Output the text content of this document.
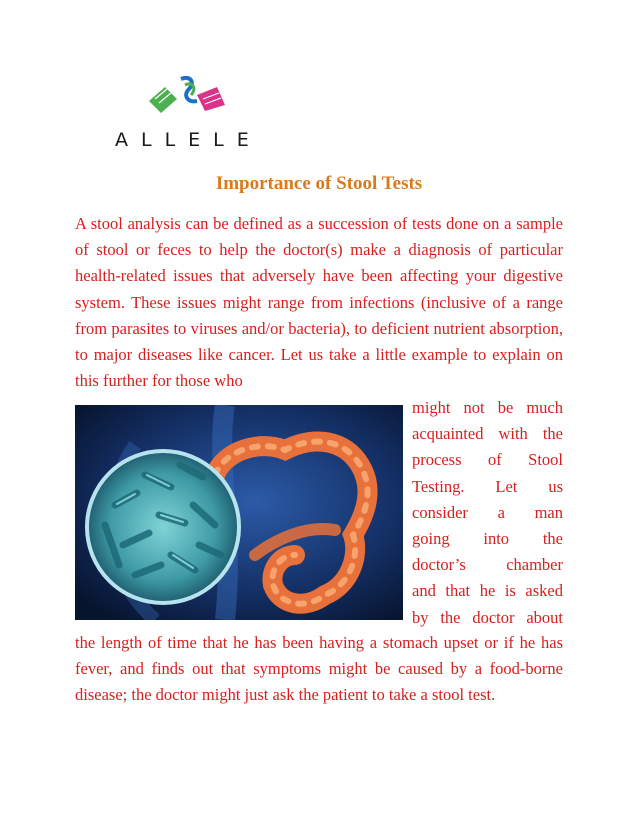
ALLELE
Importance of Stool Tests

A stool analysis can be defined as a succession of tests done on a sample of stool or feces to help the doctor(s) make a diagnosis of particular health-related issues that adversely have been affecting your digestive system. These issues might range from infections (inclusive of a range from parasites to viruses and/or bacteria), to deficient nutrient absorption, to major diseases like cancer. Let us take a little example to explain on this further for those who

might not be much

acquainted with the

process of Stool

Testing. Let us

consider a man

going into the

doctor’s chamber

and that he is asked

by the doctor about

the length of time that he has been having a stomach upset or if he has fever, and finds out that symptoms might be caused by a food-borne disease; the doctor might just ask the patient to take a stool test.
